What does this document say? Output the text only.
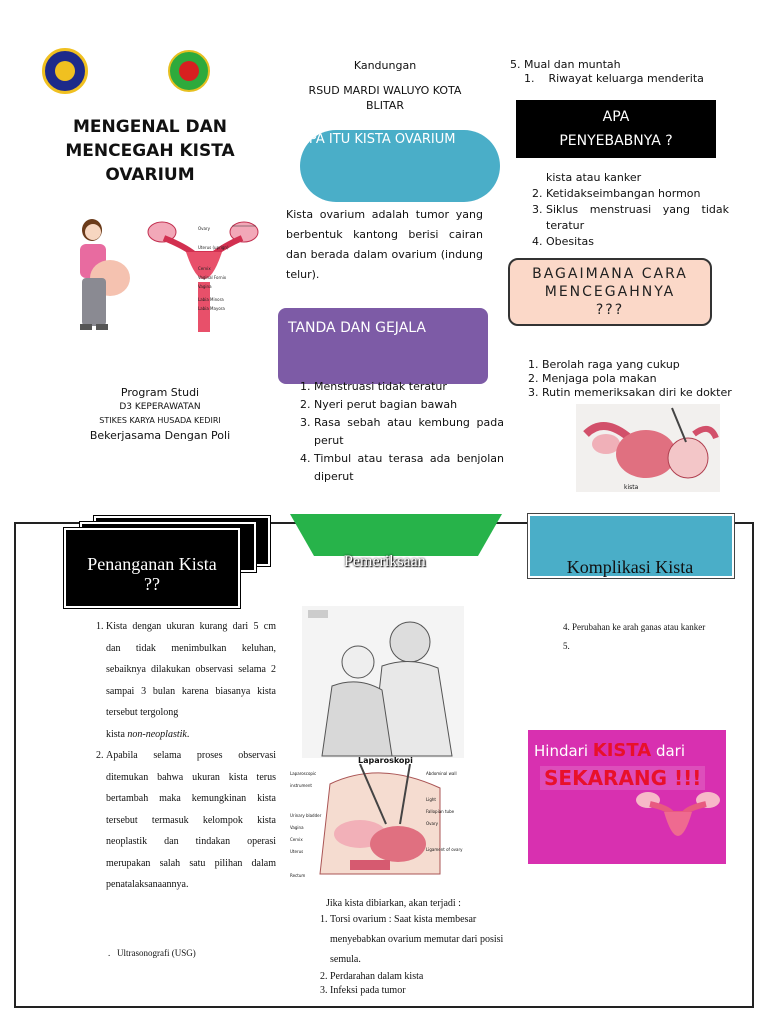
MENGENAL DAN
MENCEGAH KISTA
OVARIUM
Ovary
Uterus (uprign)
Cervix
Vaginal Fornix
Vagina
Labia Minora
Labia Mayora
Program Studi
D3 KEPERAWATAN
STIKES KARYA HUSADA KEDIRI
Bekerjasama Dengan Poli
Kandungan
RSUD MARDI WALUYO KOTA
BLITAR
APA ITU KISTA OVARIUM
Kista ovarium adalah tumor yang berbentuk kantong berisi cairan dan berada dalam ovarium (indung telur).
TANDA DAN GEJALA
1. Menstruasi tidak teratur
2. Nyeri perut bagian bawah
3. Rasa sebah atau kembung pada perut
4. Timbul atau terasa ada benjolan diperut
5. Mual dan muntah
1.    Riwayat keluarga menderita
APA PENYEBABNYA ?
kista atau kanker
2. Ketidakseimbangan hormon
3. Siklus menstruasi yang tidak teratur
4. Obesitas
BAGAIMANA CARA MENCEGAHNYA ???
1. Berolah raga yang cukup
2. Menjaga pola makan
3. Rutin memeriksakan diri ke dokter
kista
Penanganan Kista ??
1. Kista dengan ukuran kurang dari 5 cm dan tidak menimbulkan keluhan, sebaiknya dilakukan observasi selama 2 sampai 3 bulan karena biasanya kista tersebut tergolong
kista non-neoplastik.
2. Apabila selama proses observasi ditemukan bahwa ukuran kista terus bertambah maka kemungkinan kista tersebut termasuk kelompok kista neoplastik dan tindakan operasi merupakan salah satu pilihan dalam penatalaksanaannya.
.   Ultrasonografi (USG)
Pemeriksaan
Laparoskopi
Laparoscopic instrument
Urinary bladder
Vagina
Cervix
Uterus
Rectum
Abdominal wall
Light
Fallopian tube
Ovary
Ligament of ovary
Jika kista dibiarkan, akan terjadi :
1. Torsi ovarium : Saat kista membesar menyebabkan ovarium memutar dari posisi semula.
2. Perdarahan dalam kista
3. Infeksi pada tumor
Komplikasi Kista
4. Perubahan ke arah ganas atau kanker
5.
Hindari KISTA dari
SEKARANG !!!
